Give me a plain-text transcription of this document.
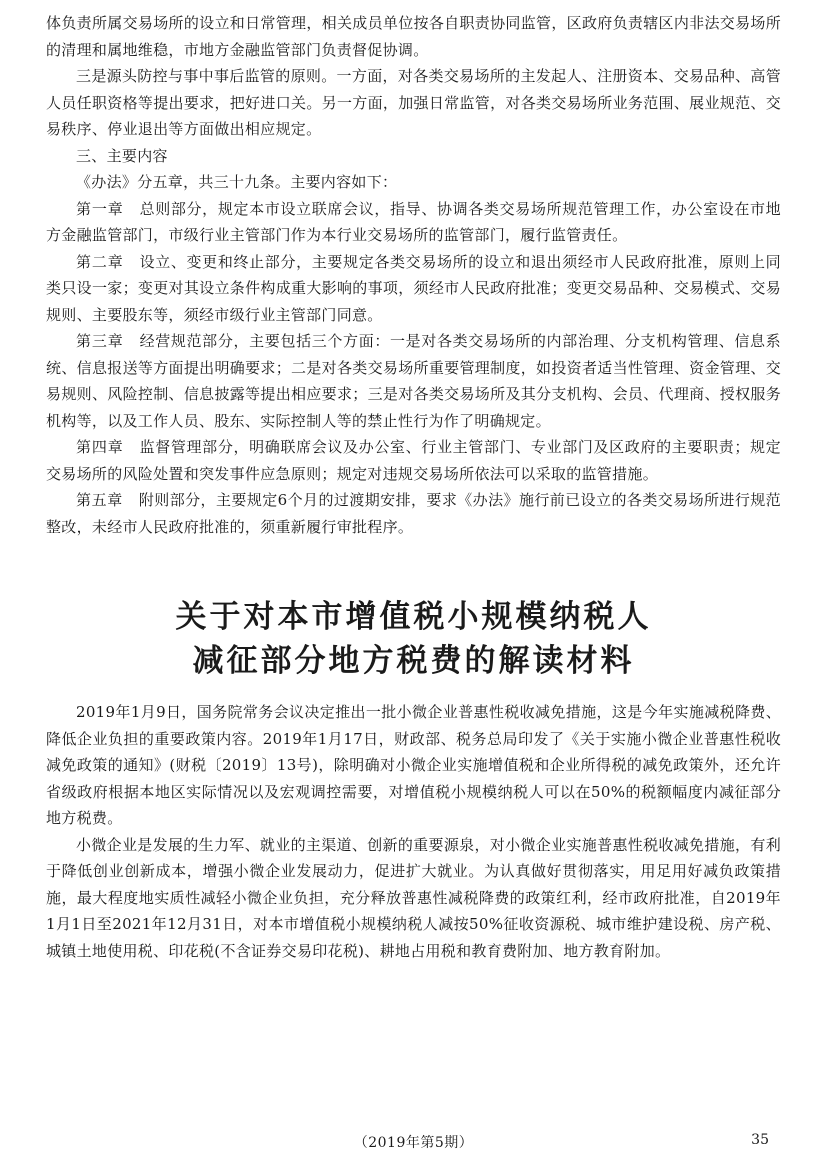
体负责所属交易场所的设立和日常管理，相关成员单位按各自职责协同监管，区政府负责辖区内非法交易场所的清理和属地维稳，市地方金融监管部门负责督促协调。

三是源头防控与事中事后监管的原则。一方面，对各类交易场所的主发起人、注册资本、交易品种、高管人员任职资格等提出要求，把好进口关。另一方面，加强日常监管，对各类交易场所业务范围、展业规范、交易秩序、停业退出等方面做出相应规定。

三、主要内容

《办法》分五章，共三十九条。主要内容如下：

第一章 总则部分，规定本市设立联席会议，指导、协调各类交易场所规范管理工作，办公室设在市地方金融监管部门，市级行业主管部门作为本行业交易场所的监管部门，履行监管责任。

第二章 设立、变更和终止部分，主要规定各类交易场所的设立和退出须经市人民政府批准，原则上同类只设一家；变更对其设立条件构成重大影响的事项，须经市人民政府批准；变更交易品种、交易模式、交易规则、主要股东等，须经市级行业主管部门同意。

第三章 经营规范部分，主要包括三个方面：一是对各类交易场所的内部治理、分支机构管理、信息系统、信息报送等方面提出明确要求；二是对各类交易场所重要管理制度，如投资者适当性管理、资金管理、交易规则、风险控制、信息披露等提出相应要求；三是对各类交易场所及其分支机构、会员、代理商、授权服务机构等，以及工作人员、股东、实际控制人等的禁止性行为作了明确规定。

第四章 监督管理部分，明确联席会议及办公室、行业主管部门、专业部门及区政府的主要职责；规定交易场所的风险处置和突发事件应急原则；规定对违规交易场所依法可以采取的监管措施。

第五章 附则部分，主要规定6个月的过渡期安排，要求《办法》施行前已设立的各类交易场所进行规范整改，未经市人民政府批准的，须重新履行审批程序。

关于对本市增值税小规模纳税人
减征部分地方税费的解读材料

2019年1月9日，国务院常务会议决定推出一批小微企业普惠性税收减免措施，这是今年实施减税降费、降低企业负担的重要政策内容。2019年1月17日，财政部、税务总局印发了《关于实施小微企业普惠性税收减免政策的通知》(财税〔2019〕13号)，除明确对小微企业实施增值税和企业所得税的减免政策外，还允许省级政府根据本地区实际情况以及宏观调控需要，对增值税小规模纳税人可以在50%的税额幅度内减征部分地方税费。

小微企业是发展的生力军、就业的主渠道、创新的重要源泉，对小微企业实施普惠性税收减免措施，有利于降低创业创新成本，增强小微企业发展动力，促进扩大就业。为认真做好贯彻落实，用足用好减负政策措施，最大程度地实质性减轻小微企业负担，充分释放普惠性减税降费的政策红利，经市政府批准，自2019年1月1日至2021年12月31日，对本市增值税小规模纳税人减按50%征收资源税、城市维护建设税、房产税、城镇土地使用税、印花税(不含证券交易印花税)、耕地占用税和教育费附加、地方教育附加。

（2019年第5期）	35
